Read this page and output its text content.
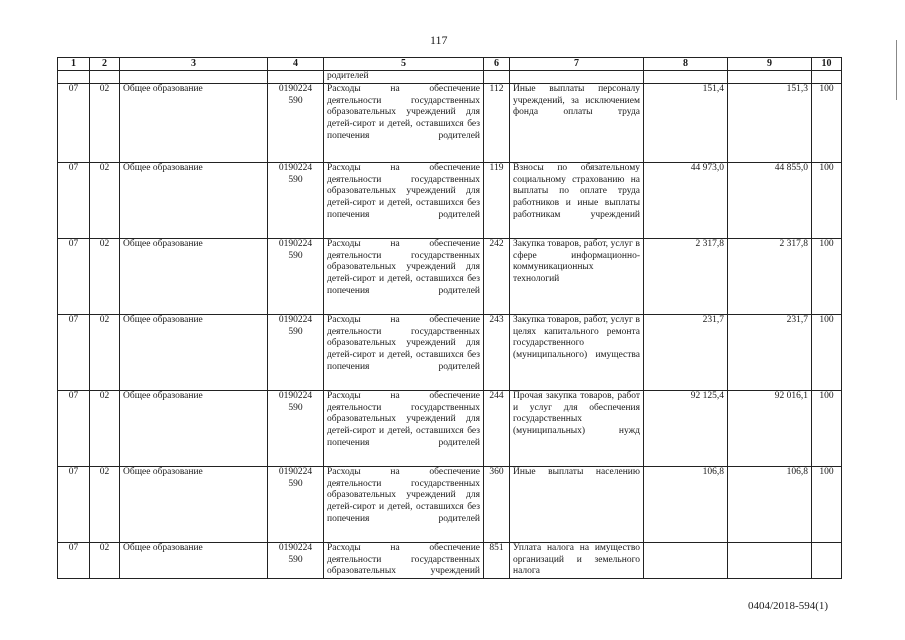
117
1	2	3	4	5	6	7	8	9	10
				родителей					
07	02	Общее образование	0190224 590	Расходы на обеспечение деятельности государственных образовательных учреждений для детей-сирот и детей, оставшихся без попечения родителей	112	Иные выплаты персоналу учреждений, за исключением фонда оплаты труда	151,4	151,3	100
07	02	Общее образование	0190224 590	Расходы на обеспечение деятельности государственных образовательных учреждений для детей-сирот и детей, оставшихся без попечения родителей	119	Взносы по обязательному социальному страхованию на выплаты по оплате труда работников и иные выплаты работникам учреждений	44 973,0	44 855,0	100
07	02	Общее образование	0190224 590	Расходы на обеспечение деятельности государственных образовательных учреждений для детей-сирот и детей, оставшихся без попечения родителей	242	Закупка товаров, работ, услуг в сфере информационно-коммуникационных технологий	2 317,8	2 317,8	100
07	02	Общее образование	0190224 590	Расходы на обеспечение деятельности государственных образовательных учреждений для детей-сирот и детей, оставшихся без попечения родителей	243	Закупка товаров, работ, услуг в целях капитального ремонта государственного (муниципального) имущества	231,7	231,7	100
07	02	Общее образование	0190224 590	Расходы на обеспечение деятельности государственных образовательных учреждений для детей-сирот и детей, оставшихся без попечения родителей	244	Прочая закупка товаров, работ и услуг для обеспечения государственных (муниципальных) нужд	92 125,4	92 016,1	100
07	02	Общее образование	0190224 590	Расходы на обеспечение деятельности государственных образовательных учреждений для детей-сирот и детей, оставшихся без попечения родителей	360	Иные выплаты населению	106,8	106,8	100
07	02	Общее образование	0190224 590	Расходы на обеспечение деятельности государственных образовательных учреждений	851	Уплата налога на имущество организаций и земельного налога			
0404/2018-594(1)
